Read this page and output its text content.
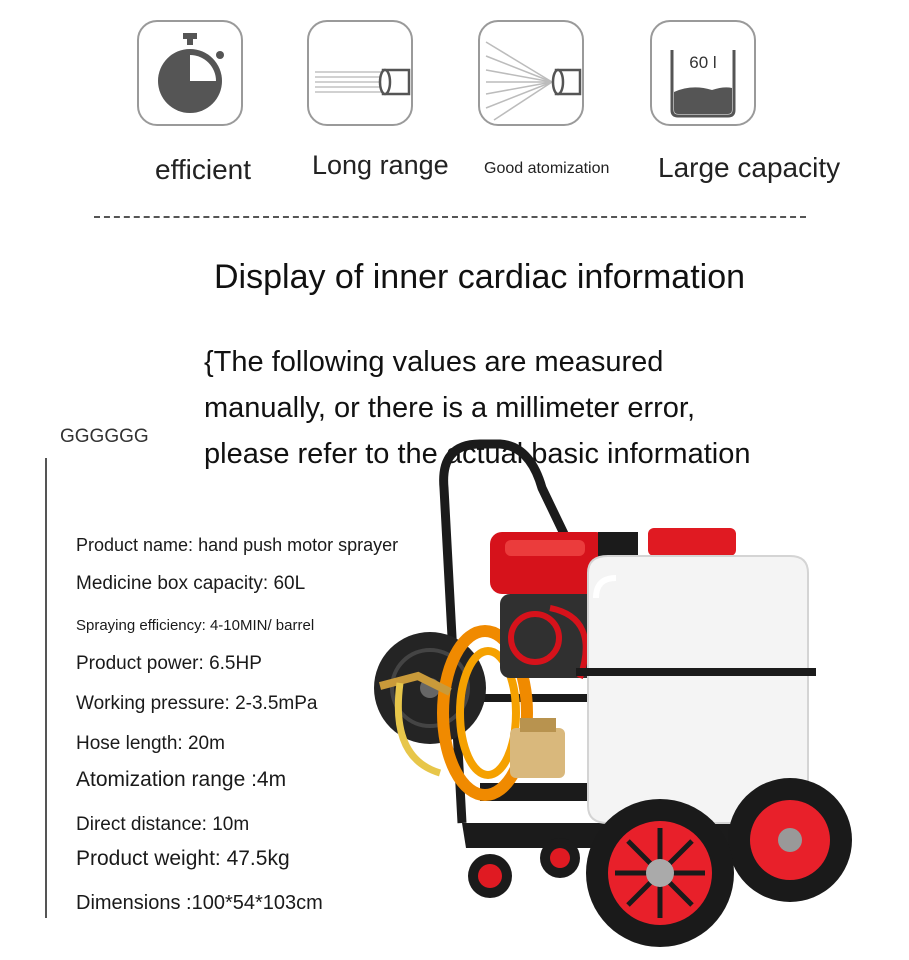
60 l
efficient Long range Good atomization Large capacity
Display of inner cardiac information
{The following values are measured
manually, or there is a millimeter error,
please refer to the actual basic information
GGGGGG
Product name: hand push motor sprayer
Medicine box capacity: 60L
Spraying efficiency: 4-10MIN/ barrel
Product power: 6.5HP
Working pressure: 2-3.5mPa
Hose length: 20m
Atomization range :4m
Direct distance: 10m
Product weight: 47.5kg
Dimensions :100*54*103cm
